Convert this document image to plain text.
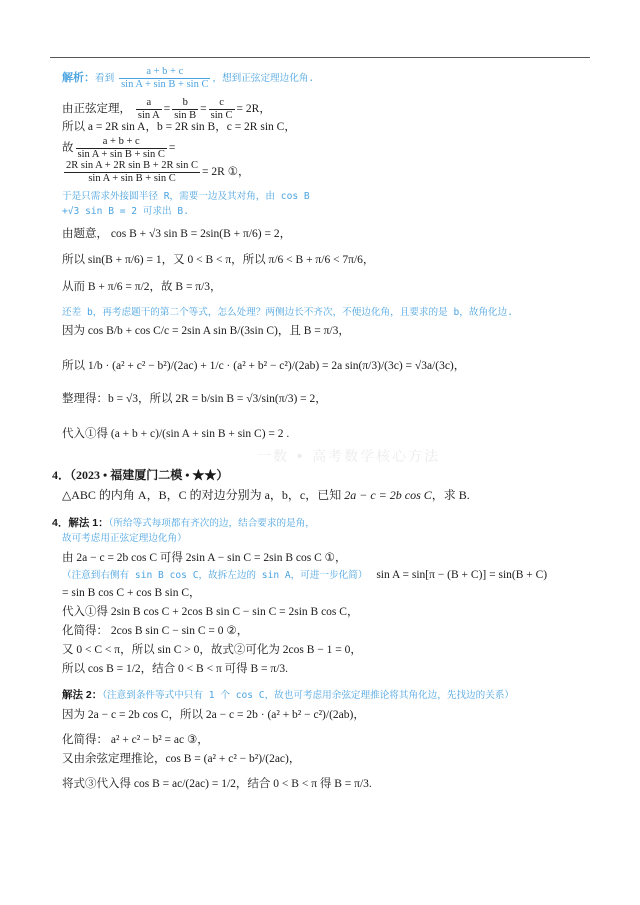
解析：看到 $\frac{a + b + c}{\text{sin A + sin B + sin C}}$ ，想到正弦定理边化角.
由正弦定理， $\frac{a}{\text{sin A}} = \frac{b}{\text{sin B}} = \frac{c}{\text{sin C}} = 2R$，
所以 a = 2R sin A，b = 2R sin B，c = 2R sin C，
故 $\frac{a + b + c}{\text{sin A + sin B + sin C}}$ =
$\frac{\text{2R sin A + 2R sin B + 2R sin C}}{\text{sin A + sin B + sin C}} = 2R$ ①，
于是只需求外接圆半径 R，需要一边及其对角，由 cos B
+√3 sin B = 2 可求出 B.
由题意， cos B + √3 sin B = 2sin(B + π/6) = 2，
所以 sin(B + π/6) = 1，又 0 < B < π，所以 π/6 < B + π/6 < 7π/6，
从而 B + π/6 = π/2，故 B = π/3，
还差 b，再考虑题干的第二个等式，怎么处理？两侧边长不齐次，不便边化角，且要求的是 b，故角化边.
因为 cos B/b + cos C/c = 2sin A sin B/(3sin C)，且 B = π/3，
所以 1/b · (a² + c² − b²)/(2ac) + 1/c · (a² + b² − c²)/(2ab) = 2a sin(π/3)/(3c) = √3a/(3c)，
整理得：b = √3，所以 2R = b/sin B = √3/sin(π/3) = 2，
代入①得 (a + b + c)/(sin A + sin B + sin C) = 2 .
一数 • 高考数学核心方法
4．（2023 • 福建厦门二模 • ★★）
△ABC 的内角 A，B，C 的对边分别为 a，b，c，已知 2a − c = 2b cos C，求 B.
4．解法 1：（所给等式每项都有齐次的边，结合要求的是角，
故可考虑用正弦定理边化角）
由 2a − c = 2b cos C 可得 2sin A − sin C = 2sin B cos C ①，
（注意到右侧有 sin B cos C，故拆左边的 sin A，可进一步化简） sin A = sin[π − (B + C)] = sin(B + C)
= sin B cos C + cos B sin C，
代入①得 2sin B cos C + 2cos B sin C − sin C = 2sin B cos C，
化简得： 2cos B sin C − sin C = 0 ②，
又 0 < C < π，所以 sin C > 0，故式②可化为 2cos B − 1 = 0，
所以 cos B = 1/2，结合 0 < B < π 可得 B = π/3.
解法 2：（注意到条件等式中只有 1 个 cos C，故也可考虑用余弦定理推论将其角化边，先找边的关系）
因为 2a − c = 2b cos C，所以 2a − c = 2b · (a² + b² − c²)/(2ab)，
化简得： a² + c² − b² = ac ③，
又由余弦定理推论，cos B = (a² + c² − b²)/(2ac)，
将式③代入得 cos B = ac/(2ac) = 1/2，结合 0 < B < π 得 B = π/3.
